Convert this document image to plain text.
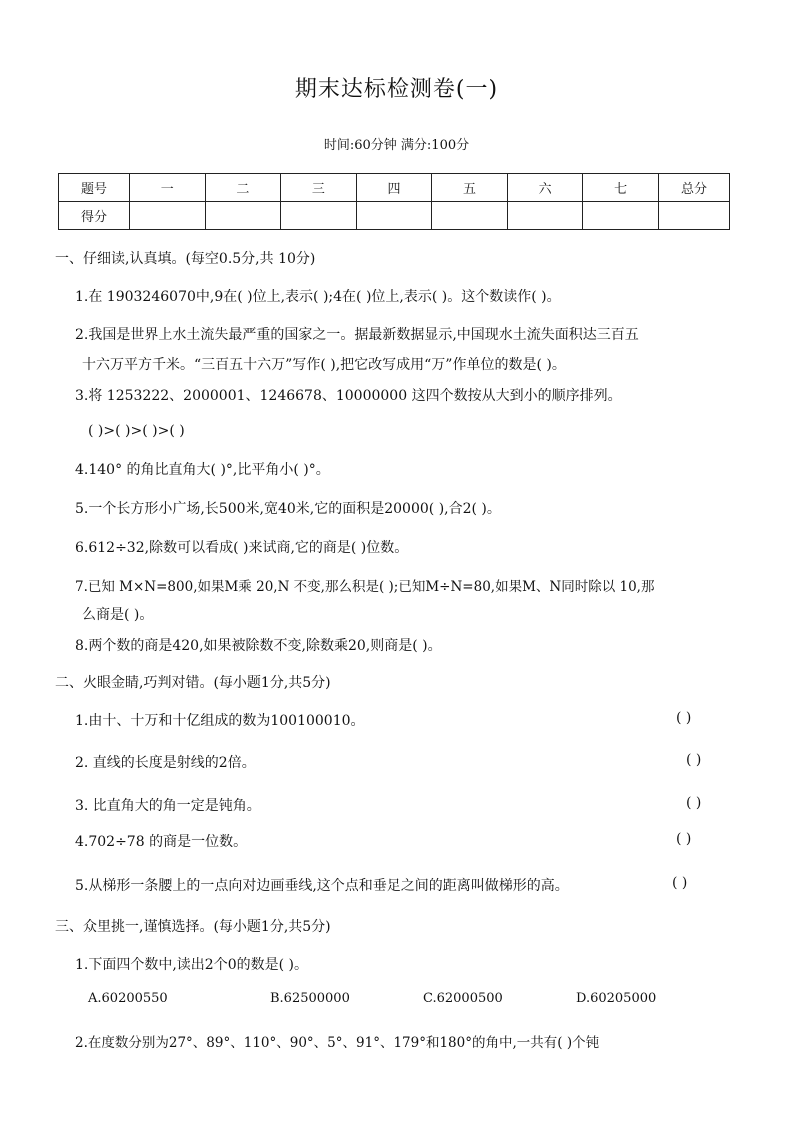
期末达标检测卷(一)
时间:60分钟 满分:100分
题号	一	二	三	四	五	六	七	总分
得分								
一、仔细读,认真填。(每空0.5分,共 10分)
1.在 1903246070中,9在( )位上,表示( );4在( )位上,表示( )。这个数读作( )。
2.我国是世界上水土流失最严重的国家之一。据最新数据显示,中国现水土流失面积达三百五
十六万平方千米。“三百五十六万”写作( ),把它改写成用“万”作单位的数是( )。
3.将 1253222、2000001、1246678、10000000 这四个数按从大到小的顺序排列。
( )>( )>( )>( )
4.140° 的角比直角大( )°,比平角小( )°。
5.一个长方形小广场,长500米,宽40米,它的面积是20000( ),合2( )。
6.612÷32,除数可以看成( )来试商,它的商是( )位数。
7.已知 M×N=800,如果M乘 20,N 不变,那么积是( );已知M÷N=80,如果M、N同时除以 10,那
么商是( )。
8.两个数的商是420,如果被除数不变,除数乘20,则商是( )。
二、火眼金睛,巧判对错。(每小题1分,共5分)
1.由十、十万和十亿组成的数为100100010。	( )
2. 直线的长度是射线的2倍。	( )
3. 比直角大的角一定是钝角。	( )
4.702÷78 的商是一位数。	( )
5.从梯形一条腰上的一点向对边画垂线,这个点和垂足之间的距离叫做梯形的高。	( )
三、众里挑一,谨慎选择。(每小题1分,共5分)
1.下面四个数中,读出2个0的数是( )。
A.60200550	B.62500000	C.62000500	D.60205000
2.在度数分别为27°、89°、110°、90°、5°、91°、179°和180°的角中,一共有( )个钝
